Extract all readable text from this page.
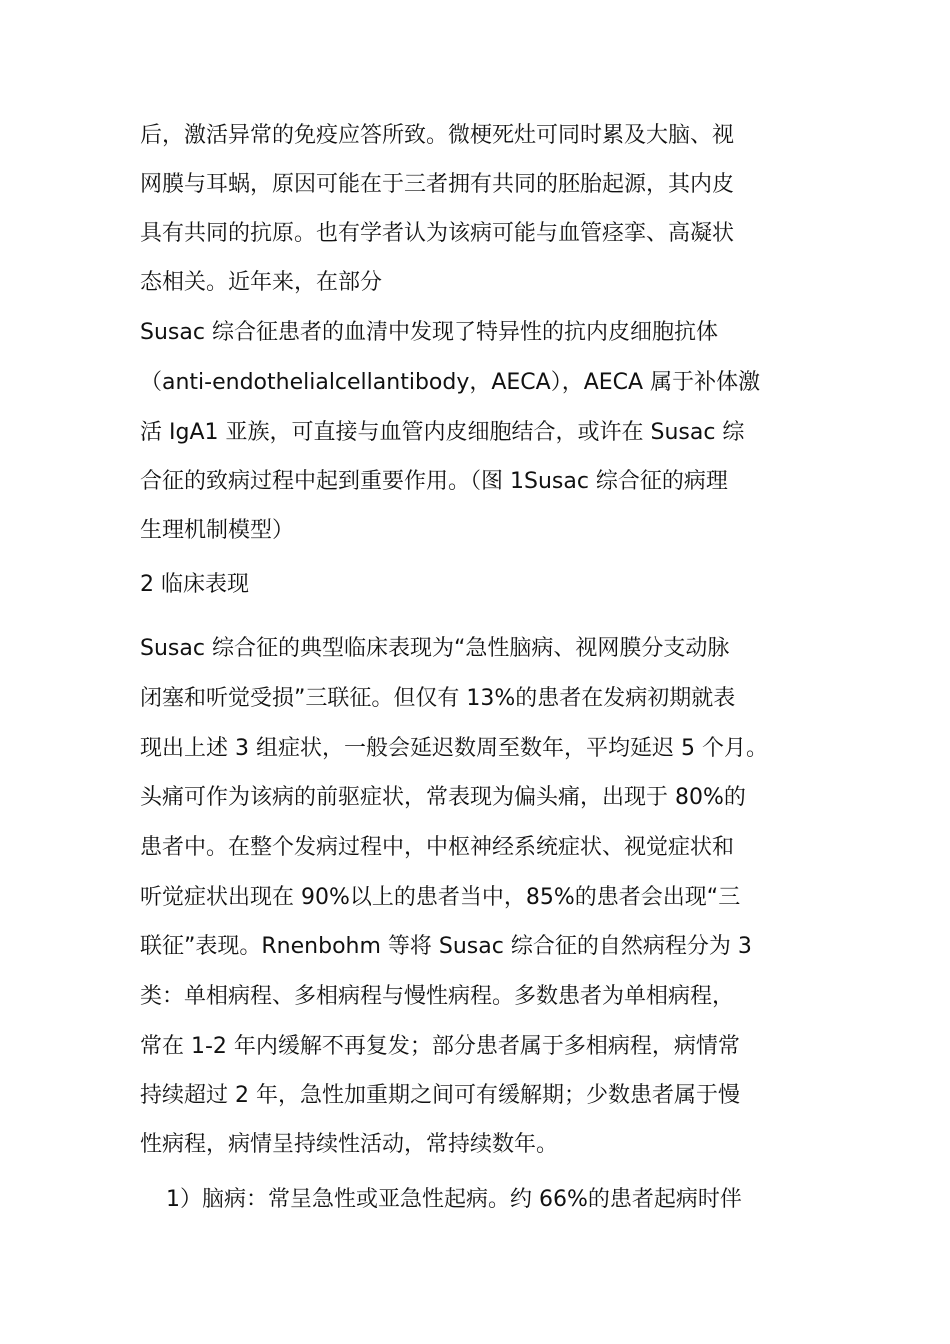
后，激活异常的免疫应答所致。微梗死灶可同时累及大脑、视
网膜与耳蜗，原因可能在于三者拥有共同的胚胎起源，其内皮
具有共同的抗原。也有学者认为该病可能与血管痉挛、高凝状
态相关。近年来，在部分
Susac 综合征患者的血清中发现了特异性的抗内皮细胞抗体
（anti-endothelialcellantibody，AECA），AECA 属于补体激
活 IgA1 亚族，可直接与血管内皮细胞结合，或许在 Susac 综
合征的致病过程中起到重要作用。（图 1Susac 综合征的病理
生理机制模型）
2 临床表现
Susac 综合征的典型临床表现为“急性脑病、视网膜分支动脉
闭塞和听觉受损”三联征。但仅有 13%的患者在发病初期就表
现出上述 3 组症状，一般会延迟数周至数年，平均延迟 5 个月。
头痛可作为该病的前驱症状，常表现为偏头痛，出现于 80%的
患者中。在整个发病过程中，中枢神经系统症状、视觉症状和
听觉症状出现在 90%以上的患者当中，85%的患者会出现“三
联征”表现。Rnenbohm 等将 Susac 综合征的自然病程分为 3
类：单相病程、多相病程与慢性病程。多数患者为单相病程，
常在 1-2 年内缓解不再复发；部分患者属于多相病程，病情常
持续超过 2 年，急性加重期之间可有缓解期；少数患者属于慢
性病程，病情呈持续性活动，常持续数年。
1）脑病：常呈急性或亚急性起病。约 66%的患者起病时伴
